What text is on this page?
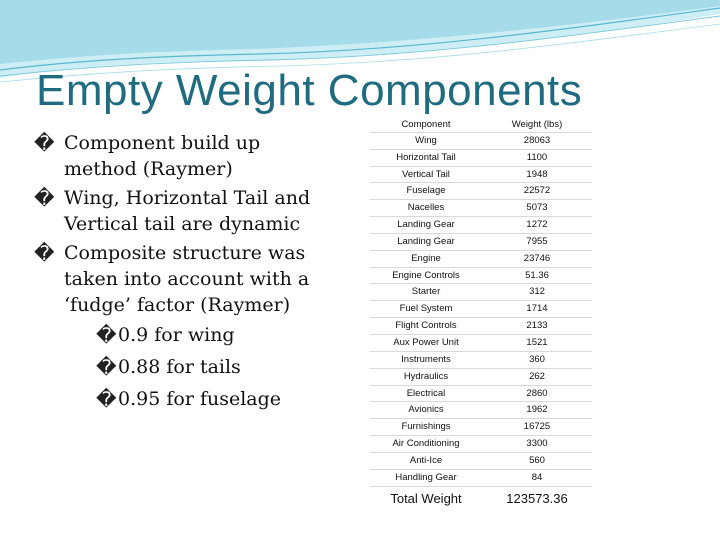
Empty Weight Components
� Component build up method (Raymer)
� Wing, Horizontal Tail and Vertical tail are dynamic
� Composite structure was taken into account with a ‘fudge’ factor (Raymer)
� 0.9 for wing
� 0.88 for tails
� 0.95 for fuselage
Component	Weight (lbs)
Wing	28063
Horizontal Tail	1100
Vertical Tail	1948
Fuselage	22572
Nacelles	5073
Landing Gear	1272
Landing Gear	7955
Engine	23746
Engine Controls	51.36
Starter	312
Fuel System	1714
Flight Controls	2133
Aux Power Unit	1521
Instruments	360
Hydraulics	262
Electrical	2860
Avionics	1962
Furnishings	16725
Air Conditioning	3300
Anti-Ice	560
Handling Gear	84
Total Weight	123573.36
